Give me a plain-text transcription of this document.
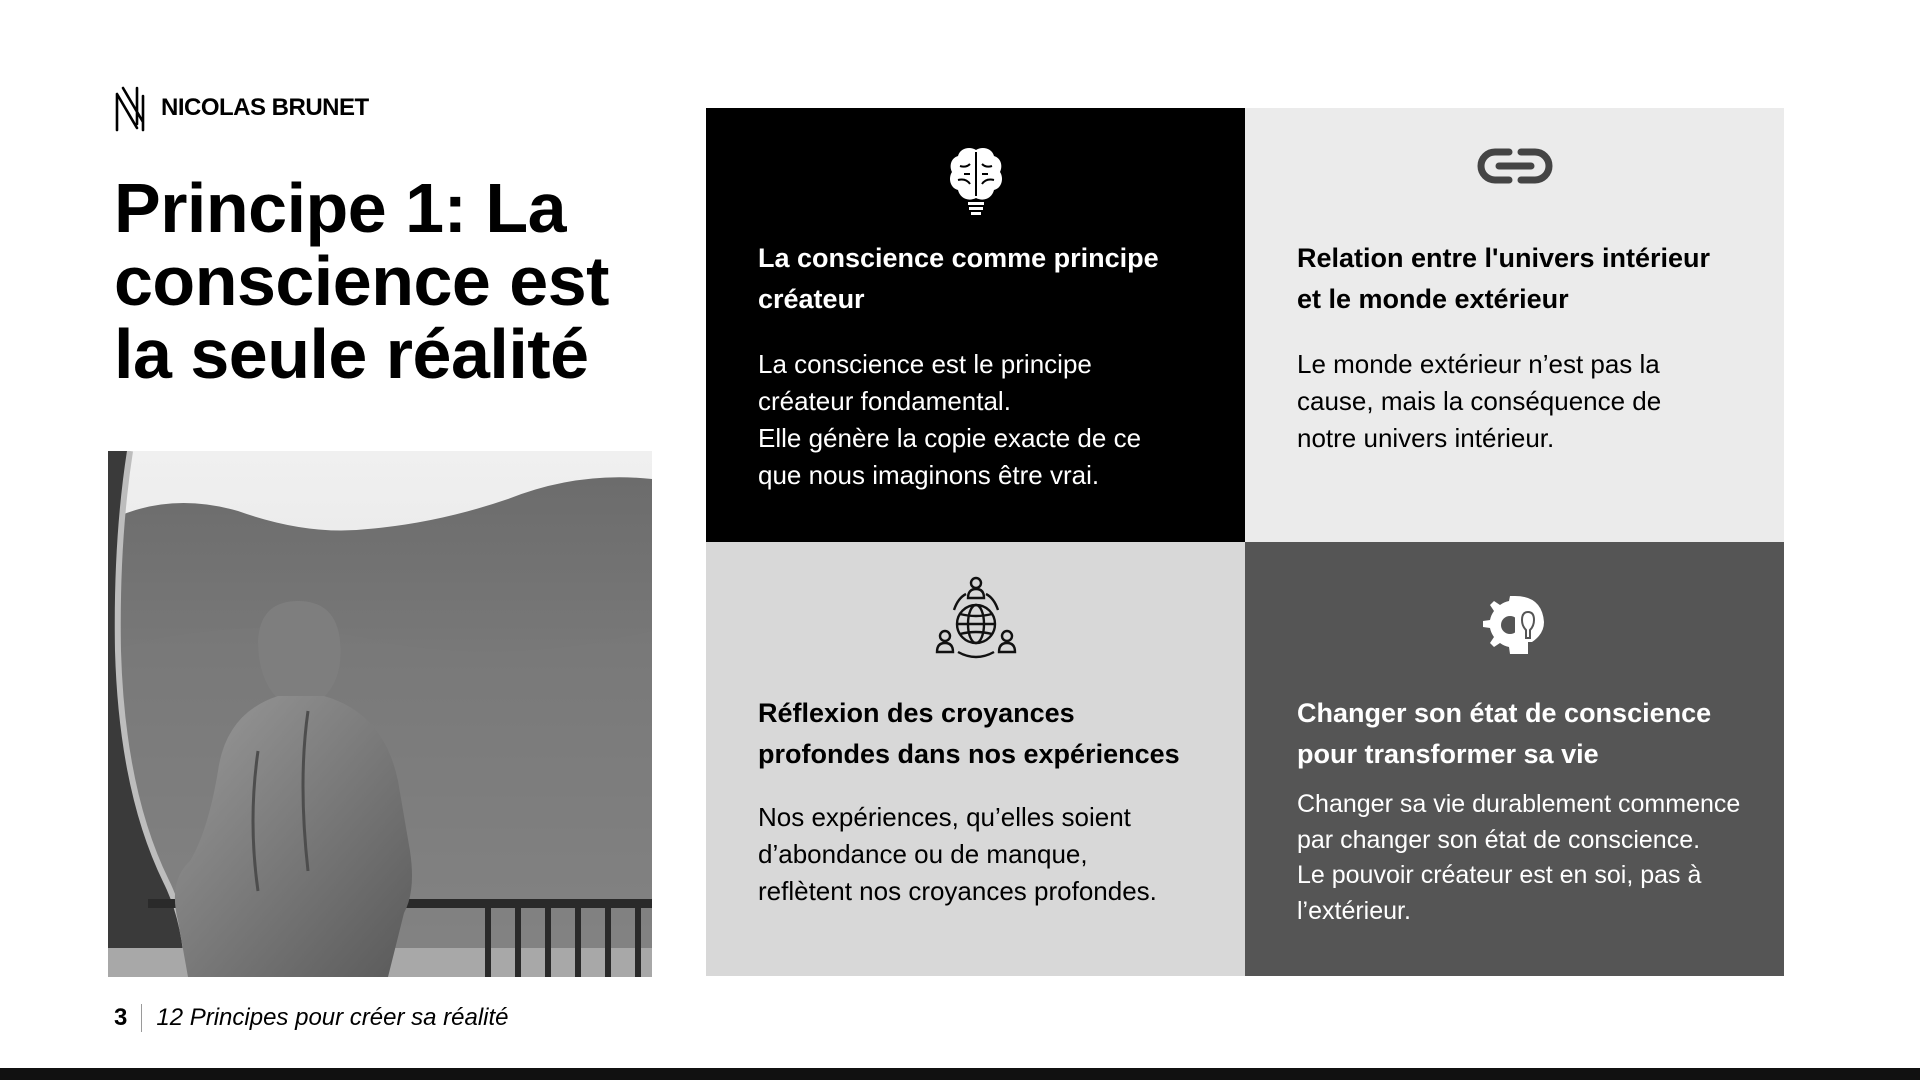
NICOLAS BRUNET
Principe 1: La conscience est la seule réalité
3 12 Principes pour créer sa réalité
La conscience comme principe créateur

La conscience est le principe
créateur fondamental.
Elle génère la copie exacte de ce
que nous imaginons être vrai.

Relation entre l'univers intérieur et le monde extérieur

Le monde extérieur n’est pas la
cause, mais la conséquence de
notre univers intérieur.

Réflexion des croyances profondes dans nos expériences

Nos expériences, qu’elles soient
d’abondance ou de manque,
reflètent nos croyances profondes.

Changer son état de conscience pour transformer sa vie

Changer sa vie durablement commence
par changer son état de conscience.
Le pouvoir créateur est en soi, pas à
l’extérieur.
